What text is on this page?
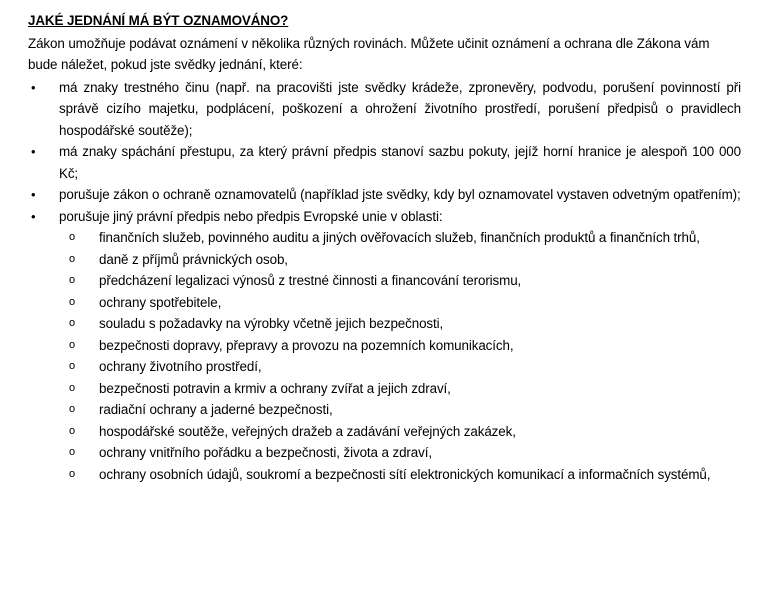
JAKÉ JEDNÁNÍ MÁ BÝT OZNAMOVÁNO?
Zákon umožňuje podávat oznámení v několika různých rovinách. Můžete učinit oznámení a ochrana dle Zákona vám bude náležet, pokud jste svědky jednání, které:
• má znaky trestného činu (např. na pracovišti jste svědky krádeže, zpronevěry, podvodu, porušení povinností při správě cizího majetku, podplácení, poškození a ohrožení životního prostředí, porušení předpisů o pravidlech hospodářské soutěže);
• má znaky spáchání přestupu, za který právní předpis stanoví sazbu pokuty, jejíž horní hranice je alespoň 100 000 Kč;
• porušuje zákon o ochraně oznamovatelů (například jste svědky, kdy byl oznamovatel vystaven odvetným opatřením);
• porušuje jiný právní předpis nebo předpis Evropské unie v oblasti:
o finančních služeb, povinného auditu a jiných ověřovacích služeb, finančních produktů a finančních trhů,
o daně z příjmů právnických osob,
o předcházení legalizaci výnosů z trestné činnosti a financování terorismu,
o ochrany spotřebitele,
o souladu s požadavky na výrobky včetně jejich bezpečnosti,
o bezpečnosti dopravy, přepravy a provozu na pozemních komunikacích,
o ochrany životního prostředí,
o bezpečnosti potravin a krmiv a ochrany zvířat a jejich zdraví,
o radiační ochrany a jaderné bezpečnosti,
o hospodářské soutěže, veřejných dražeb a zadávání veřejných zakázek,
o ochrany vnitřního pořádku a bezpečnosti, života a zdraví,
o ochrany osobních údajů, soukromí a bezpečnosti sítí elektronických komunikací a informačních systémů,
